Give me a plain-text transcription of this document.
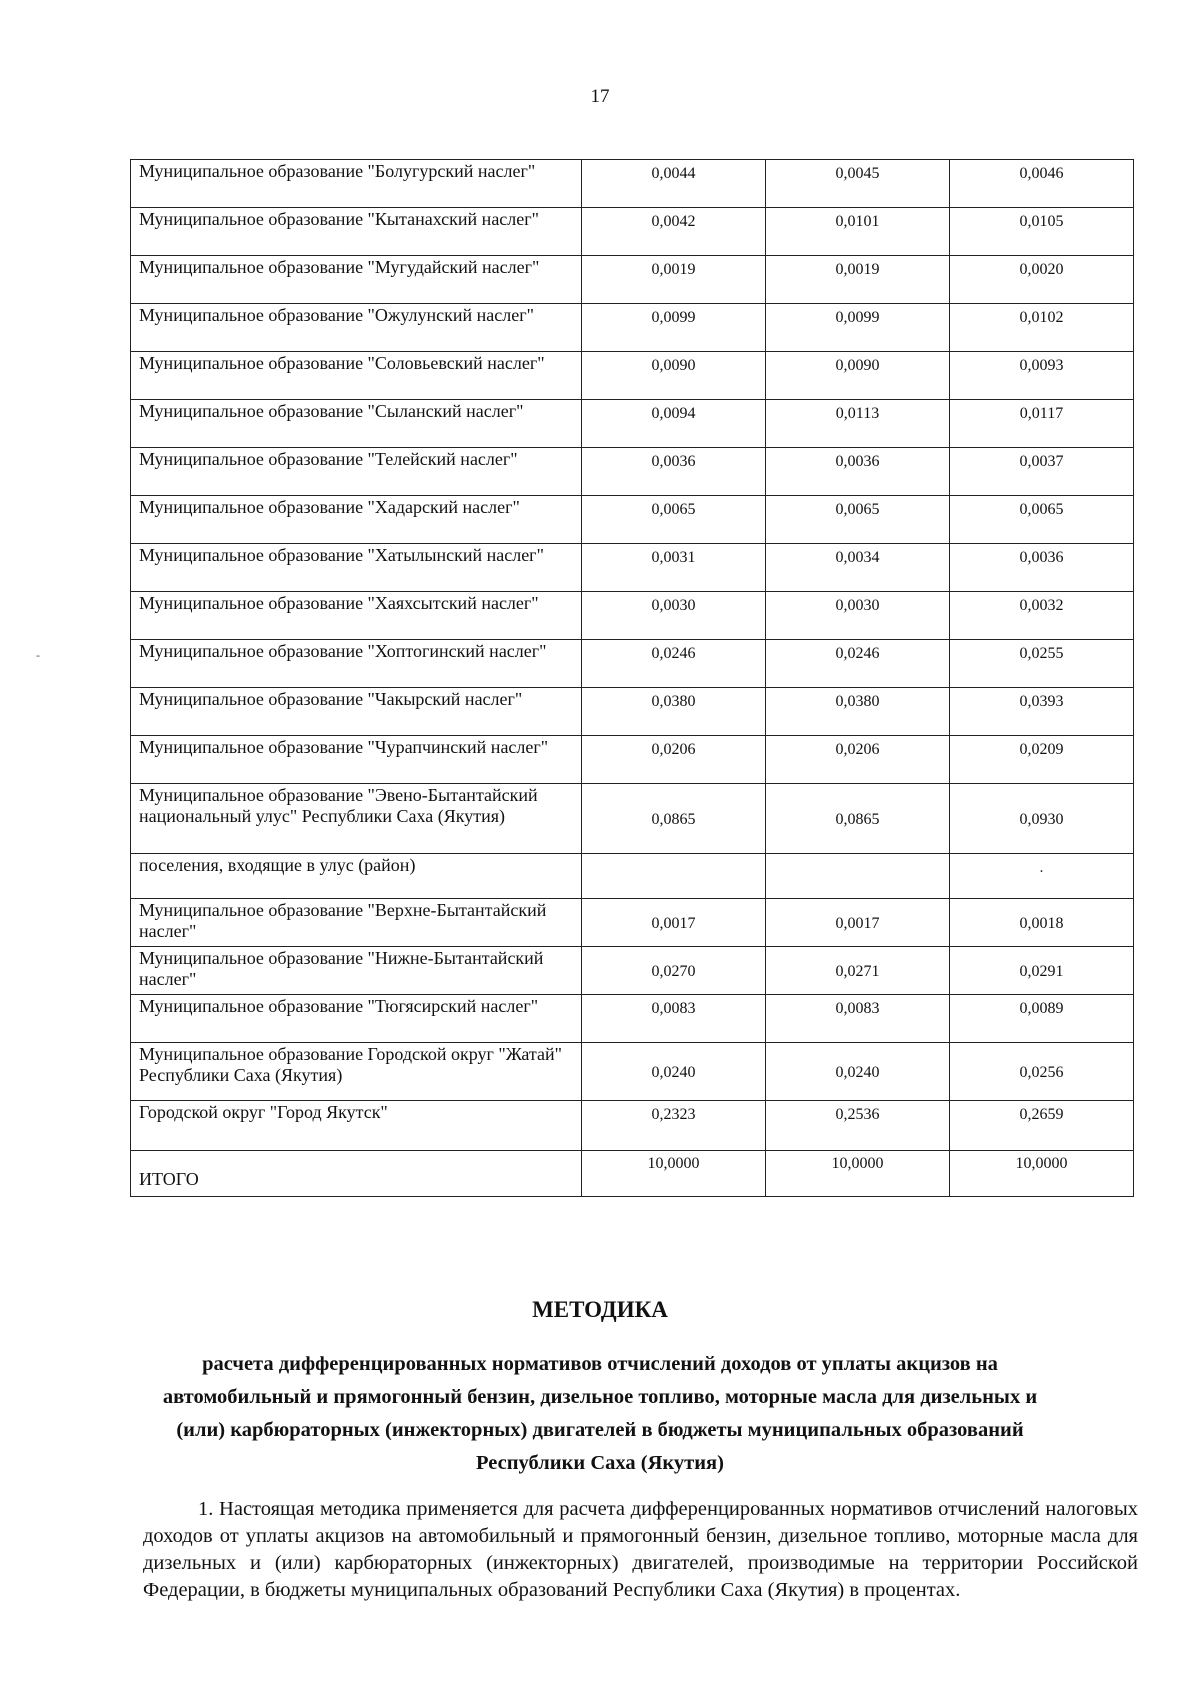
17
-
Муниципальное образование "Болугурский наслег"	0,0044	0,0045	0,0046
Муниципальное образование "Кытанахский наслег"	0,0042	0,0101	0,0105
Муниципальное образование "Мугудайский наслег"	0,0019	0,0019	0,0020
Муниципальное образование "Ожулунский наслег"	0,0099	0,0099	0,0102
Муниципальное образование "Соловьевский наслег"	0,0090	0,0090	0,0093
Муниципальное образование "Сыланский наслег"	0,0094	0,0113	0,0117
Муниципальное образование "Телейский наслег"	0,0036	0,0036	0,0037
Муниципальное образование "Хадарский наслег"	0,0065	0,0065	0,0065
Муниципальное образование "Хатылынский наслег"	0,0031	0,0034	0,0036
Муниципальное образование "Хаяхсытский наслег"	0,0030	0,0030	0,0032
Муниципальное образование "Хоптогинский наслег"	0,0246	0,0246	0,0255
Муниципальное образование "Чакырский наслег"	0,0380	0,0380	0,0393
Муниципальное образование "Чурапчинский наслег"	0,0206	0,0206	0,0209
Муниципальное образование "Эвено-Бытантайский национальный улус" Республики Саха (Якутия)	0,0865	0,0865	0,0930
поселения, входящие в улус (район)			.
Муниципальное образование "Верхне-Бытантайский наслег"	0,0017	0,0017	0,0018
Муниципальное образование "Нижне-Бытантайский наслег"	0,0270	0,0271	0,0291
Муниципальное образование "Тюгясирский наслег"	0,0083	0,0083	0,0089
Муниципальное образование Городской округ "Жатай" Республики Саха (Якутия)	0,0240	0,0240	0,0256
Городской округ "Город Якутск"	0,2323	0,2536	0,2659
ИТОГО	10,0000	10,0000	10,0000
МЕТОДИКА
расчета дифференцированных нормативов отчислений доходов от уплаты акцизов на автомобильный и прямогонный бензин, дизельное топливо, моторные масла для дизельных и (или) карбюраторных (инжекторных) двигателей в бюджеты муниципальных образований Республики Саха (Якутия)
1. Настоящая методика применяется для расчета дифференцированных нормативов отчислений налоговых доходов от уплаты акцизов на автомобильный и прямогонный бензин, дизельное топливо, моторные масла для дизельных и (или) карбюраторных (инжекторных) двигателей, производимые на территории Российской Федерации, в бюджеты муниципальных образований Республики Саха (Якутия) в процентах.
